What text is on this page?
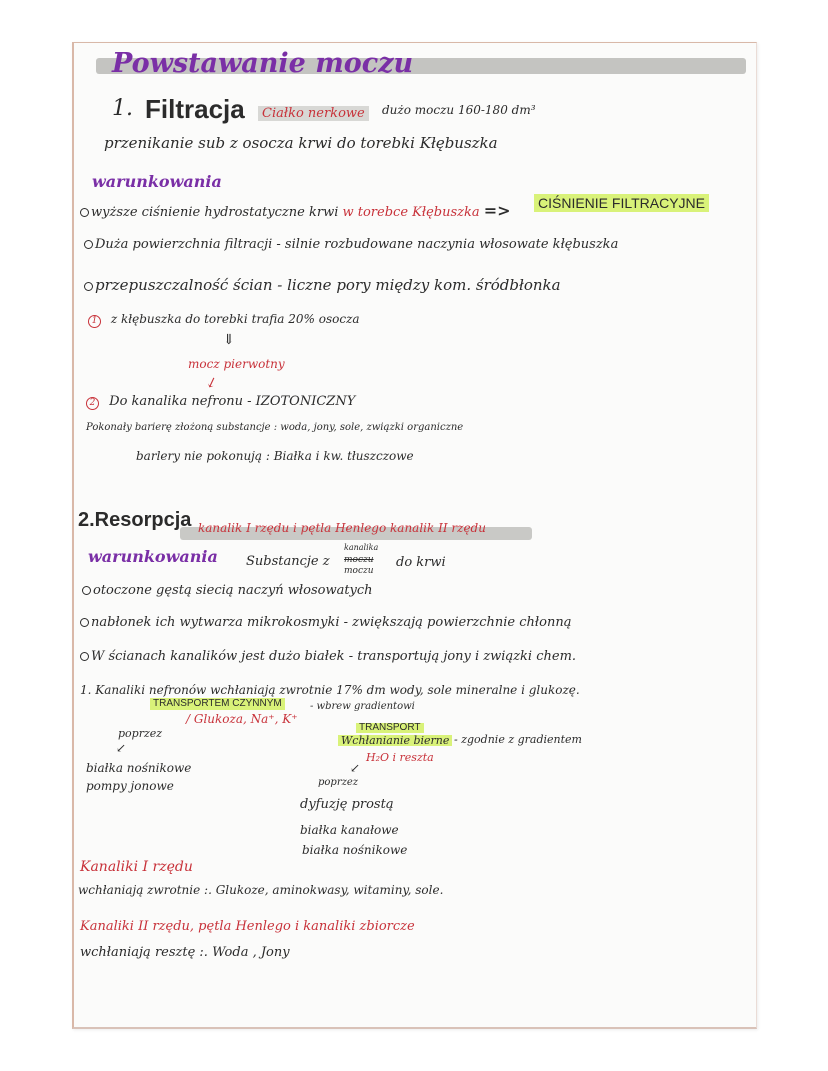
Powstawanie moczu
1. Filtracja	Ciałko nerkowe	dużo moczu 160-180 dm³
przenikanie sub z osocza krwi do torebki Kłębuszka
warunkowania
wyższe ciśnienie hydrostatyczne krwi w torebce Kłębuszka => CIŚNIENIE FILTRACYJNE
Duża powierzchnia filtracji - silnie rozbudowane naczynia włosowate kłębuszka
przepuszczalność ścian - liczne pory między kom. śródbłonka
1 z kłębuszka do torebki trafia 20% osocza
⇓
mocz pierwotny
↙
2 Do kanalika nefronu - IZOTONICZNY
Pokonały barierę złożoną substancje : woda, jony, sole, związki organiczne
barlery nie pokonują : Białka i kw. tłuszczowe
2.Resorpcja kanalik I rzędu i pętla Henlego kanalik II rzędu
warunkowania Substancje z
kanalika
moczu
moczu
do krwi
otoczone gęstą siecią naczyń włosowatych
nabłonek ich wytwarza mikrokosmyki - zwiększają powierzchnie chłonną
W ścianach kanalików jest dużo białek - transportują jony i związki chem.
1. Kanaliki nefronów wchłaniają zwrotnie 17% dm wody, sole mineralne i glukozę.
TRANSPORTEM CZYNNYM	- wbrew gradientowi
/ Glukoza, Na⁺, K⁺
poprzez
↙
białka nośnikowe
pompy jonowe
TRANSPORT
Wchłanianie bierne - zgodnie z gradientem
H₂O i reszta
↙
poprzez
dyfuzję prostą
białka kanałowe
białka nośnikowe
Kanaliki I rzędu
wchłaniają zwrotnie :. Glukoze, aminokwasy, witaminy, sole.
Kanaliki II rzędu, pętla Henlego i kanaliki zbiorcze
wchłaniają resztę :. Woda , Jony
